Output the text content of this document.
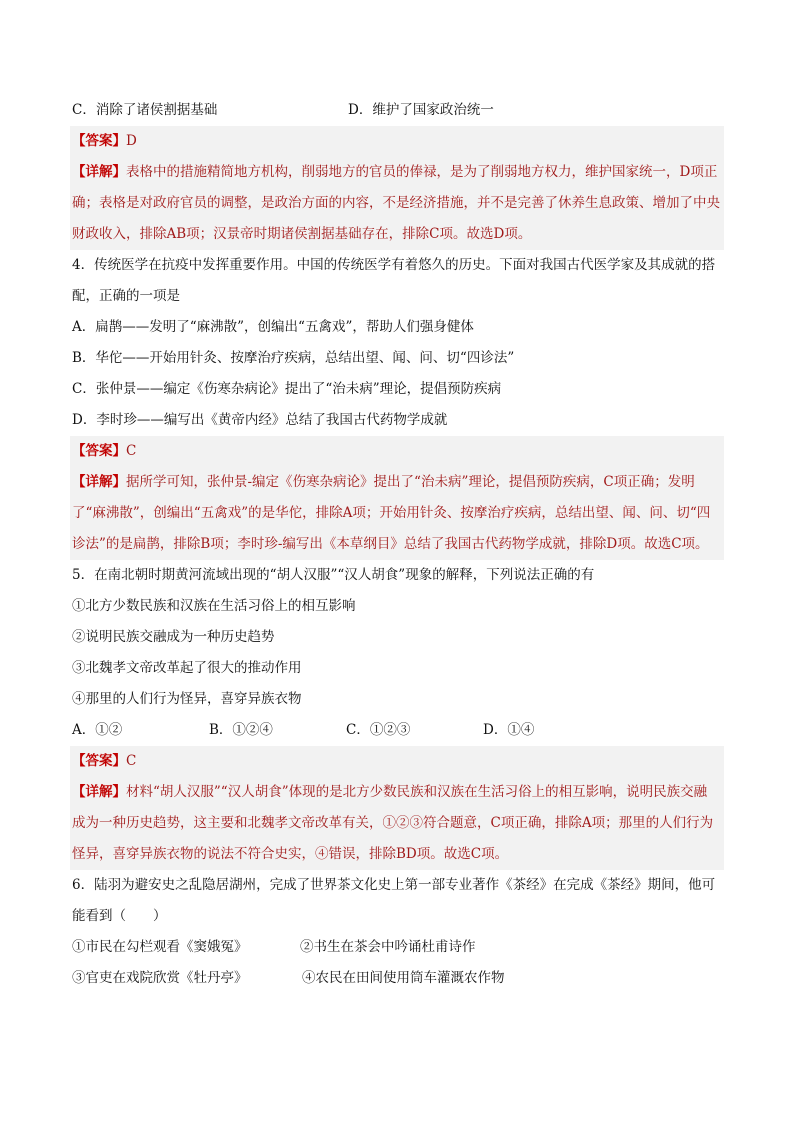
C．消除了诸侯割据基础	D．维护了国家政治统一
【答案】D
【详解】表格中的措施精简地方机构，削弱地方的官员的俸禄，是为了削弱地方权力，维护国家统一，D项正确；表格是对政府官员的调整，是政治方面的内容，不是经济措施，并不是完善了休养生息政策、增加了中央财政收入，排除AB项；汉景帝时期诸侯割据基础存在，排除C项。故选D项。
4．传统医学在抗疫中发挥重要作用。中国的传统医学有着悠久的历史。下面对我国古代医学家及其成就的搭配，正确的一项是
A．扁鹊——发明了“麻沸散”，创编出“五禽戏”，帮助人们强身健体
B．华佗——开始用针灸、按摩治疗疾病，总结出望、闻、问、切“四诊法”
C．张仲景——编定《伤寒杂病论》提出了“治未病”理论，提倡预防疾病
D．李时珍——编写出《黄帝内经》总结了我国古代药物学成就
【答案】C
【详解】据所学可知，张仲景-编定《伤寒杂病论》提出了“治未病”理论，提倡预防疾病，C项正确；发明了“麻沸散”，创编出“五禽戏”的是华佗，排除A项；开始用针灸、按摩治疗疾病，总结出望、闻、问、切“四诊法”的是扁鹊，排除B项；李时珍-编写出《本草纲目》总结了我国古代药物学成就，排除D项。故选C项。
5．在南北朝时期黄河流域出现的“胡人汉服”“汉人胡食”现象的解释，下列说法正确的有
①北方少数民族和汉族在生活习俗上的相互影响
②说明民族交融成为一种历史趋势
③北魏孝文帝改革起了很大的推动作用
④那里的人们行为怪异，喜穿异族衣物
A．①②	B．①②④	C．①②③	D．①④
【答案】C
【详解】材料“胡人汉服”“汉人胡食”体现的是北方少数民族和汉族在生活习俗上的相互影响，说明民族交融成为一种历史趋势，这主要和北魏孝文帝改革有关，①②③符合题意，C项正确，排除A项；那里的人们行为怪异，喜穿异族衣物的说法不符合史实，④错误，排除BD项。故选C项。
6．陆羽为避安史之乱隐居湖州，完成了世界茶文化史上第一部专业著作《茶经》在完成《茶经》期间，他可能看到（　　）
①市民在勾栏观看《窦娥冤》	②书生在茶会中吟诵杜甫诗作
③官吏在戏院欣赏《牡丹亭》	④农民在田间使用筒车灌溉农作物
